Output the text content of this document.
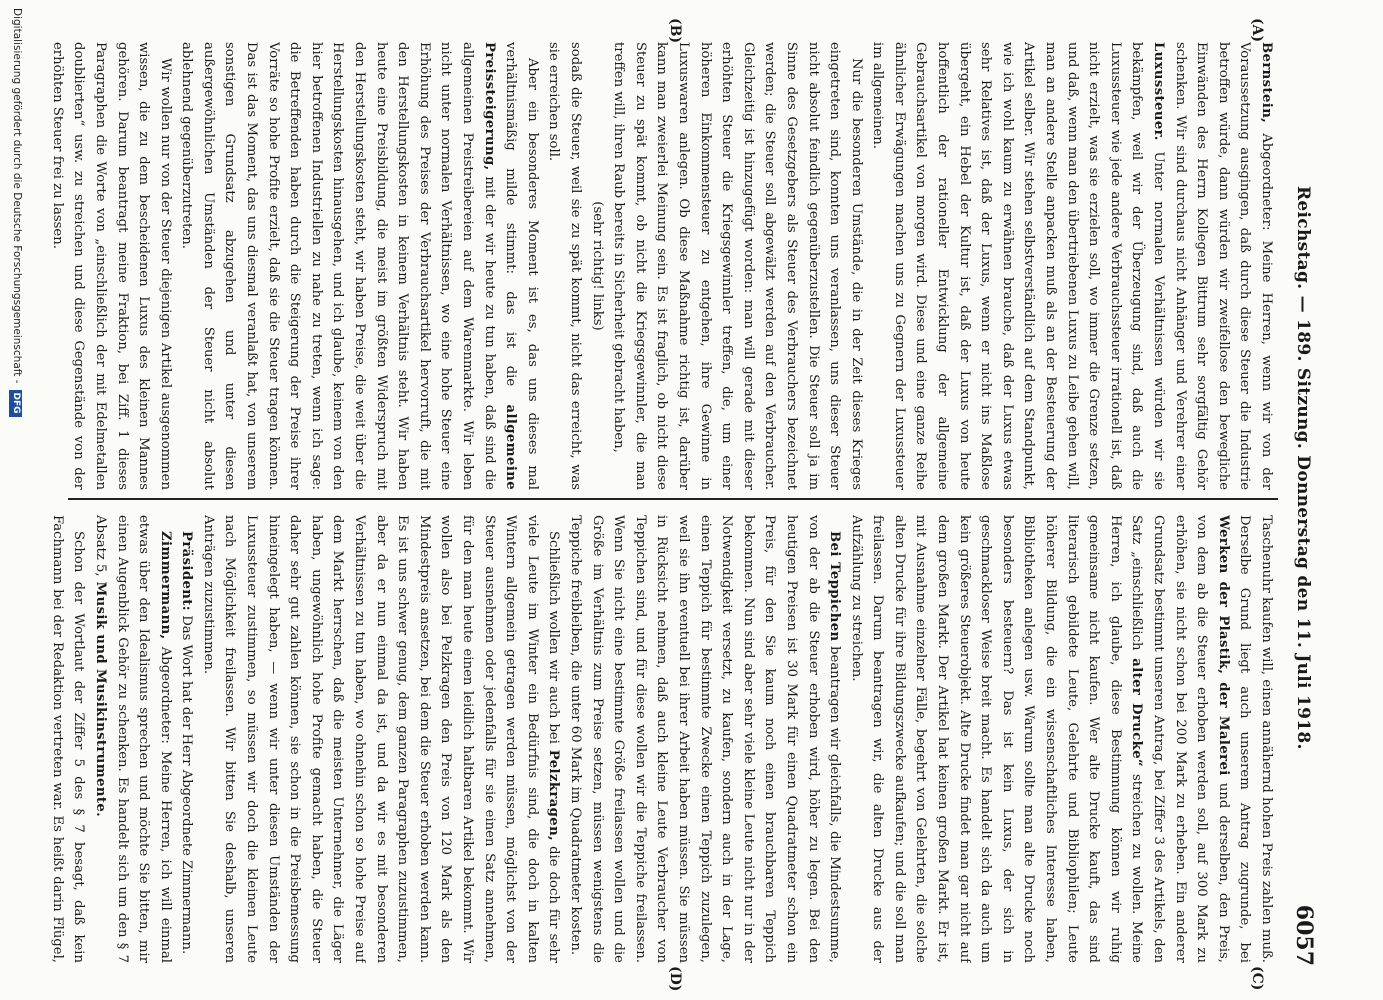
Reichstag. — 189. Sitzung. Donnerstag den 11. Juli 1918.
6057
(A)
(B)
(C)
(D)

Bernstein, Abgeordneter: Meine Herren, wenn wir von der Voraussetzung ausgingen, daß durch diese Steuer die Industrie betroffen würde, dann würden wir zweifellose den bewegliche Einwänden des Herrn Kollegen Bittrum sehr sorgfältig Gehör schenken. Wir sind durchaus nicht Anhänger und Verehrer einer Luxussteuer. Unter normalen Verhältnissen würden wir sie bekämpfen, weil wir der Überzeugung sind, daß auch die Luxussteuer wie jede andere Verbrauchssteuer irrationell ist, daß nicht erzielt, was sie erzielen soll, wo immer die Grenze setzen, und daß, wenn man den übertriebenen Luxus zu Leibe gehen will, man an andere Stelle anpacken muß als an der Besteuerung der Artikel selber. Wir stehen selbstverständlich auf dem Standpunkt, wie ich wohl kaum zu erwähnen brauche, daß der Luxus etwas sehr Relatives ist, daß der Luxus, wenn er nicht ins Maßlose übergeht, ein Hebel der Kultur ist, daß der Luxus von heute hoffentlich der rationeller Entwicklung der allgemeine Gebrauchsartikel von morgen wird. Diese und eine ganze Reihe ähnlicher Erwägungen machen uns zu Gegnern der Luxussteuer im allgemeinen.

Nur die besonderen Umstände, die in der Zeit dieses Krieges eingetreten sind, konnten uns veranlassen, uns dieser Steuer nicht absolut feindlich gegenüberzustellen. Die Steuer soll ja im Sinne des Gesetzgebers als Steuer des Verbrauchers bezeichnet werden; die Steuer soll abgewälzt werden auf den Verbraucher. Gleichzeitig ist hinzugefügt worden: man will gerade mit dieser erhöhten Steuer die Kriegsgewinnler treffen, die, um einer höheren Einkommensteuer zu entgehen, ihre Gewinne in Luxuswaren anlegen. Ob diese Maßnahme richtig ist, darüber kann man zweierlei Meinung sein. Es ist fraglich, ob nicht diese Steuer zu spät kommt, ob nicht die Kriegsgewinnler, die man treffen will, ihren Raub bereits in Sicherheit gebracht haben,

(sehr richtig! links)

sodaß die Steuer, weil sie zu spät kommt, nicht das erreicht, was sie erreichen soll.

Aber ein besonderes Moment ist es, das uns dieses mal verhältnismäßig milde stimmt: das ist die allgemeine Preissteigerung, mit der wir heute zu tun haben, daß sind die allgemeinen Preistreibereien auf dem Warenmarkte. Wir leben nicht unter normalen Verhältnissen, wo eine hohe Steuer eine Erhöhung des Preises der Verbrauchsartikel hervorruft, die mit den Herstellungskosten in keinem Verhältnis steht. Wir haben heute eine Preisbildung, die meist im größten Widerspruch mit den Herstellungskosten steht, wir haben Preise, die weit über die Herstellungskosten hinausgehen, und ich glaube, keinem von den hier betroffenen Industriellen zu nahe zu treten, wenn ich sage: die Betreffenden haben durch die Steigerung der Preise ihrer Vorräte so hohe Profite erzielt, daß sie die Steuer tragen können. Das ist das Moment, das uns diesmal veranlaßt hat, von unserem sonstigen Grundsatz abzugehen und unter diesen außergewöhnlichen Umständen der Steuer nicht absolut ablehnend gegenüberzutreten.

Wir wollen nur von der Steuer diejenigen Artikel ausgenommen wissen, die zu dem bescheidenen Luxus des kleinen Mannes gehören. Darum beantragt meine Fraktion, bei Ziff. 1 dieses Paragraphen die Worte von „einschließlich der mit Edelmetallen doublierten“ usw. zu streichen und diese Gegenstände von der erhöhten Steuer frei zu lassen.

Taschenuhr kaufen will, einen annähernd hohen Preis zahlen muß. Derselbe Grund liegt auch unserem Antrag zugrunde, bei Werken der Plastik, der Malerei und derselben, den Preis, von dem ab die Steuer erhoben werden soll, auf 300 Mark zu erhöhen, sie nicht schon bei 200 Mark zu erheben. Ein anderer Grundsatz bestimmt unseren Antrag, bei Ziffer 3 des Artikels, den Satz „einschließlich alter Drucke“ streichen zu wollen. Meine Herren, ich glaube, diese Bestimmung können wir ruhig gemeinsame nicht kaufen. Wer alte Drucke kauft, das sind literarisch gebildete Leute, Gelehrte und Bibliophilen; Leute höherer Bildung, die ein wissenschaftliches Interesse haben, Bibliotheken anlegen usw. Warum sollte man alte Drucke noch besonders besteuern? Das ist kein Luxus, der sich in geschmackloser Weise breit macht. Es handelt sich da auch um kein größeres Steuerobjekt. Alte Drucke findet man gar nicht auf dem großen Markt. Der Artikel hat keinen großen Markt. Er ist, mit Ausnahme einzelner Fälle, begehrt von Gelehrten, die solche alten Drucke für ihre Bildungszwecke aufkaufen; und die soll man freilassen. Darum beantragen wir, die alten Drucke aus der Aufzählung zu streichen.

Bei Teppichen beantragen wir gleichfalls, die Mindestsumme, von der ab die Steuer erhoben wird, höher zu legen. Bei den heutigen Preisen ist 30 Mark für einen Quadratmeter schon ein Preis, für den Sie kaum noch einen brauchbaren Teppich bekommen. Nun sind aber sehr viele kleine Leute nicht nur in der Notwendigkeit versetzt, zu kaufen, sondern auch in der Lage, einen Teppich für bestimmte Zwecke einen Teppich zuzulegen, weil sie ihn eventuell bei ihrer Arbeit haben müssen. Sie müssen in Rücksicht nehmen, daß auch kleine Leute Verbraucher von Teppichen sind, und für diese wollen wir die Teppiche freilassen. Wenn Sie nicht eine bestimmte Größe freilassen wollen und die Größe im Verhältnis zum Preise setzen, müssen wenigstens die Teppiche freibleiben, die unter 60 Mark im Quadratmeter kosten.

Schließlich wollen wir auch bei Pelzkragen, die doch für sehr viele Leute im Winter ein Bedürfnis sind, die doch in kalten Wintern allgemein getragen werden müssen, möglichst von der Steuer ausnehmen oder jedenfalls für sie einen Satz annehmen, für den man heute einen leidlich haltbaren Artikel bekommt. Wir wollen also bei Pelzkragen den Preis von 120 Mark als den Mindestpreis ansetzen, bei dem die Steuer erhoben werden kann. Es ist uns schwer genug, dem ganzen Paragraphen zuzustimmen, aber da er nun einmal da ist, und da wir es mit besonderen Verhältnissen zu tun haben, wo ohnehin schon so hohe Preise auf dem Markt herrschen, daß die meisten Unternehmer, die Läger haben, ungewöhnlich hohe Profite gemacht haben, die Steuer daher sehr gut zahlen können, sie schon in die Preisbemessung hineingelegt haben, — wenn wir unter diesen Umständen der Luxussteuer zustimmen, so müssen wir doch die kleinen Leute nach Möglichkeit freilassen. Wir bitten Sie deshalb, unseren Anträgen zuzustimmen.

Präsident: Das Wort hat der Herr Abgeordnete Zimmermann.

Zimmermann, Abgeordneter: Meine Herren, ich will einmal etwas über den Idealismus sprechen und möchte Sie bitten, mir einen Augenblick Gehör zu schenken. Es handelt sich um den § 7 Absatz 5, Musik und Musikinstrumente.

Schon der Wortlaut der Ziffer 5 des § 7 besagt, daß kein Fachmann bei der Redaktion vertreten war. Es heißt darin Flügel,

Digitalisierung gefördert durch die Deutsche Forschungsgemeinschaft -DFG
